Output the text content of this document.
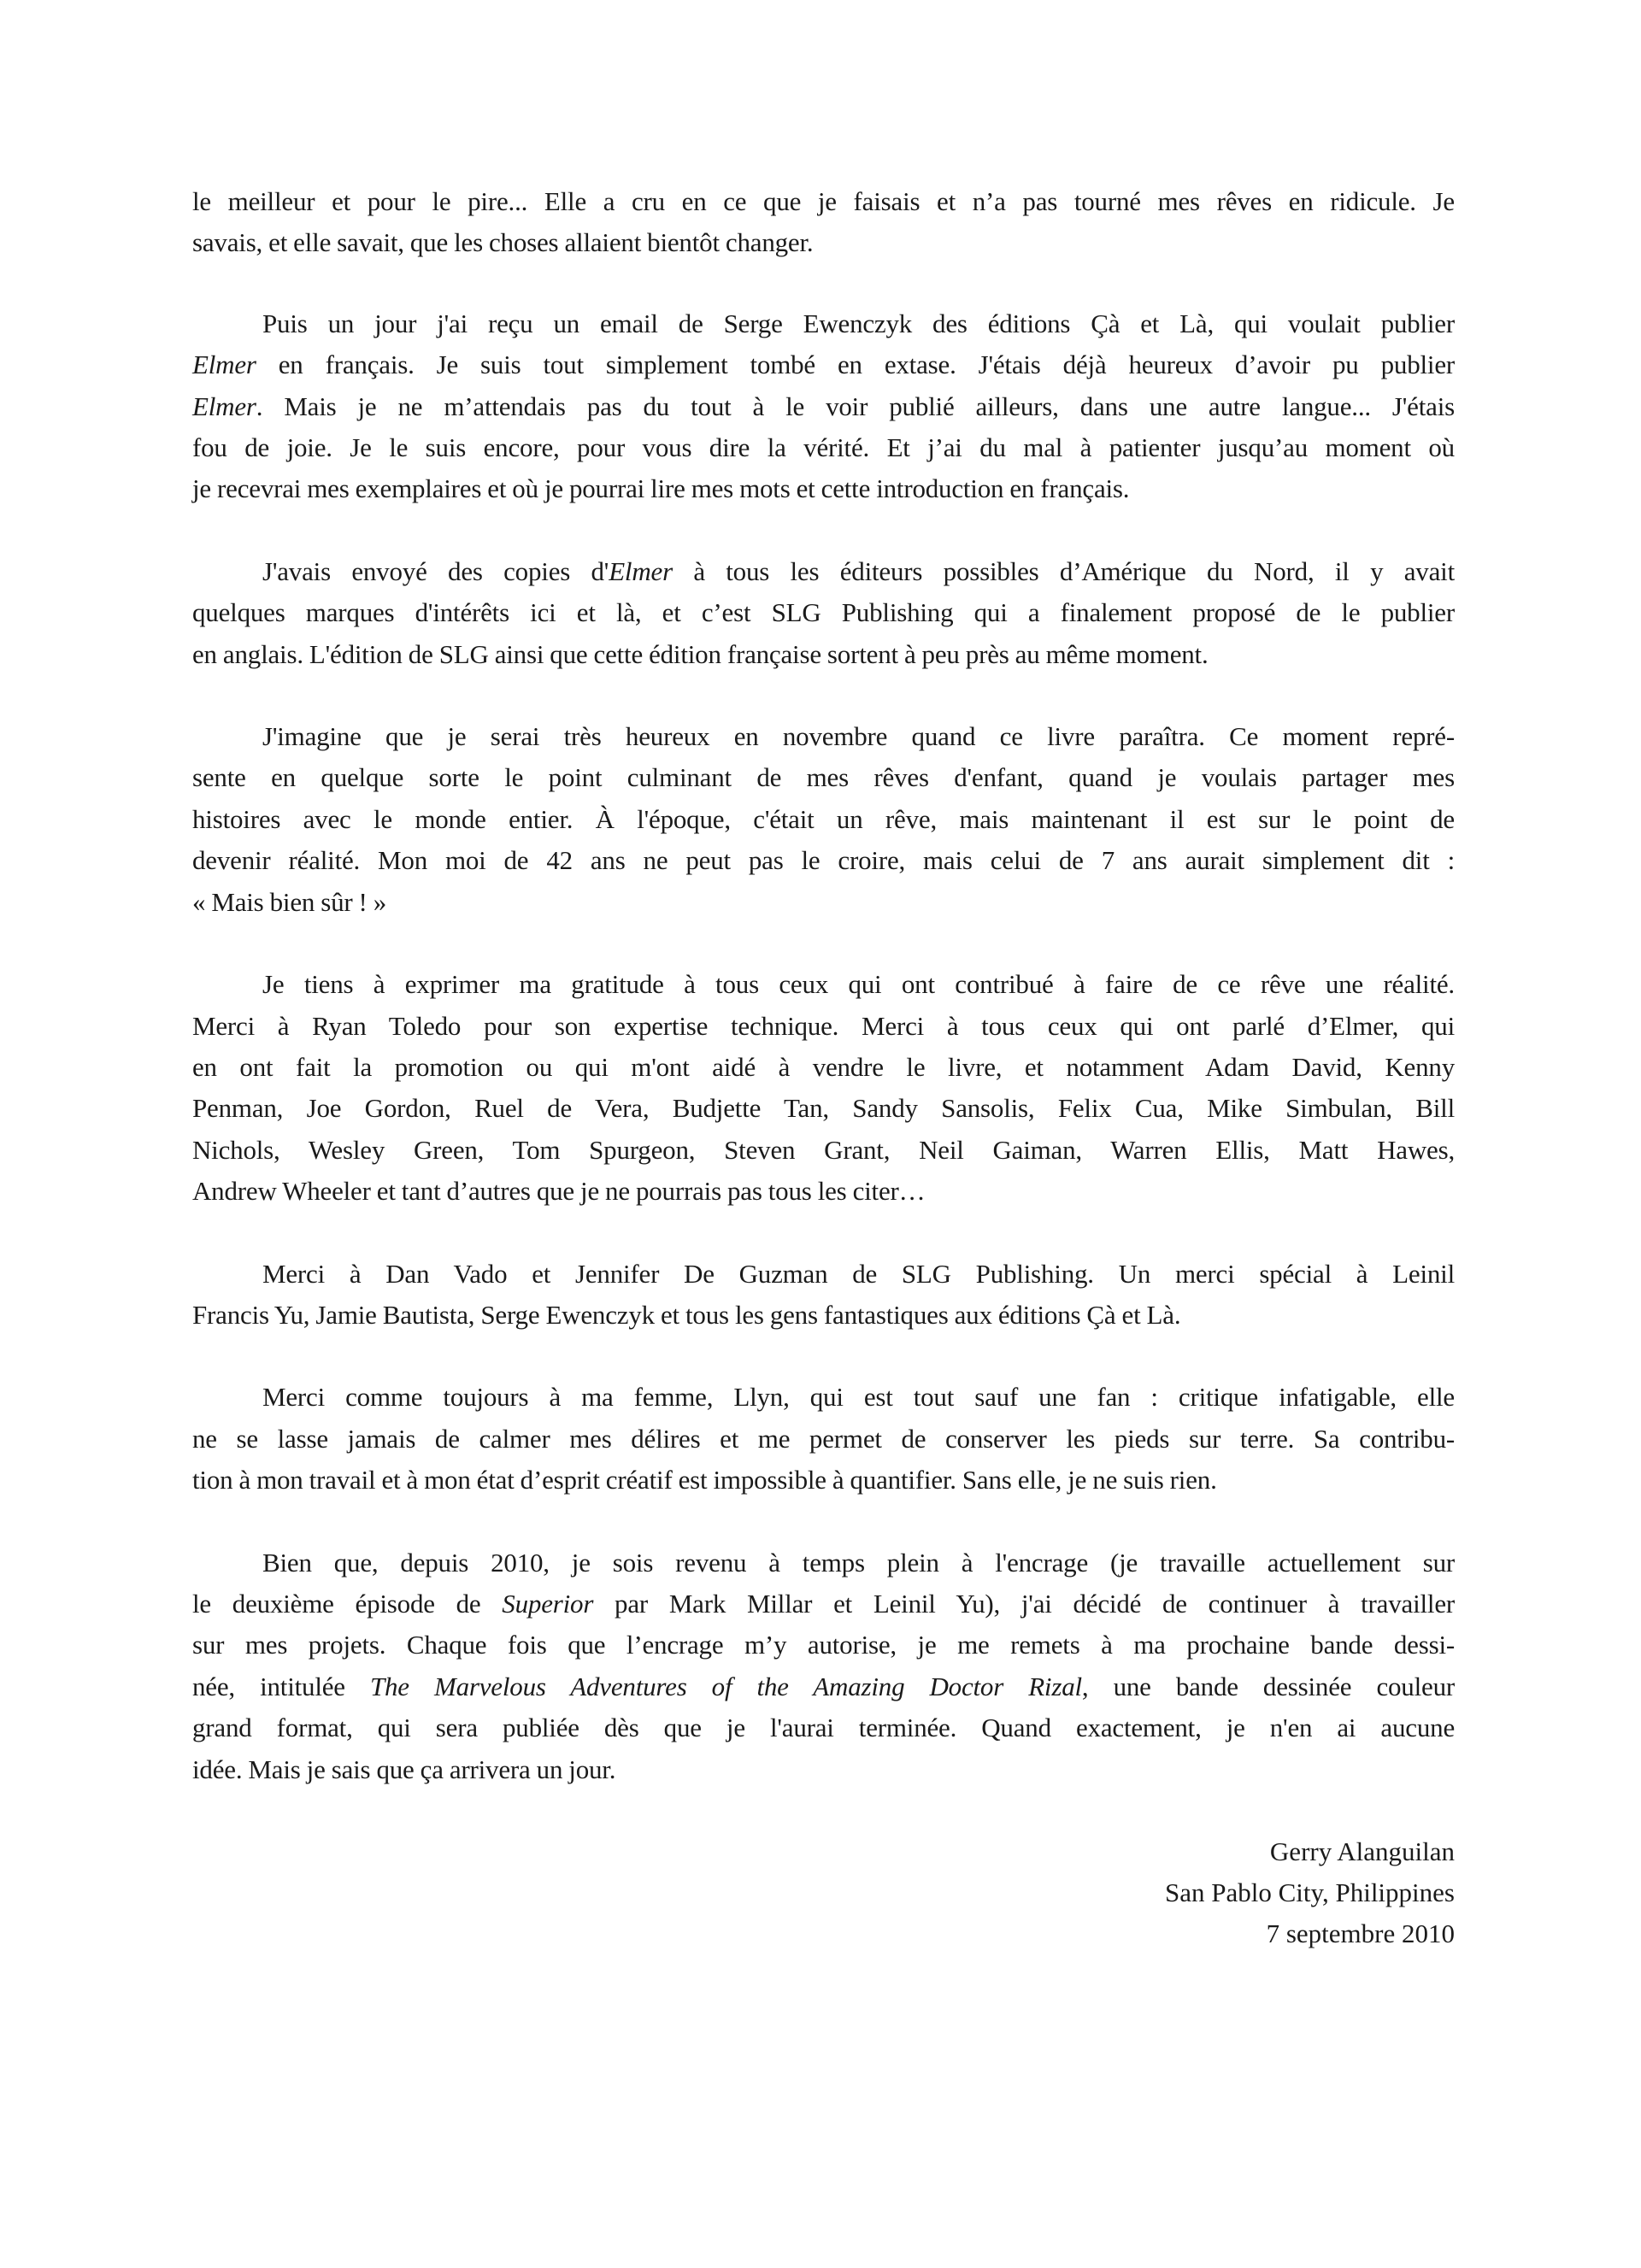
le meilleur et pour le pire... Elle a cru en ce que je faisais et n’a pas tourné mes rêves en ridicule. Je
savais, et elle savait, que les choses allaient bientôt changer.
Puis un jour j'ai reçu un email de Serge Ewenczyk des éditions Çà et Là, qui voulait publier
Elmer en français. Je suis tout simplement tombé en extase. J'étais déjà heureux d’avoir pu publier
Elmer. Mais je ne m’attendais pas du tout à le voir publié ailleurs, dans une autre langue... J'étais
fou de joie. Je le suis encore, pour vous dire la vérité. Et j’ai du mal à patienter jusqu’au moment où
je recevrai mes exemplaires et où je pourrai lire mes mots et cette introduction en français.
J'avais envoyé des copies d'Elmer à tous les éditeurs possibles d’Amérique du Nord, il y avait
quelques marques d'intérêts ici et là, et c’est SLG Publishing qui a finalement proposé de le publier
en anglais. L'édition de SLG ainsi que cette édition française sortent à peu près au même moment.
J'imagine que je serai très heureux en novembre quand ce livre paraîtra. Ce moment repré-
sente en quelque sorte le point culminant de mes rêves d'enfant, quand je voulais partager mes
histoires avec le monde entier. À l'époque, c'était un rêve, mais maintenant il est sur le point de
devenir réalité. Mon moi de 42 ans ne peut pas le croire, mais celui de 7 ans aurait simplement dit :
« Mais bien sûr ! »
Je tiens à exprimer ma gratitude à tous ceux qui ont contribué à faire de ce rêve une réalité.
Merci à Ryan Toledo pour son expertise technique. Merci à tous ceux qui ont parlé d’Elmer, qui
en ont fait la promotion ou qui m'ont aidé à vendre le livre, et notamment Adam David, Kenny
Penman, Joe Gordon, Ruel de Vera, Budjette Tan, Sandy Sansolis, Felix Cua, Mike Simbulan, Bill
Nichols, Wesley Green, Tom Spurgeon, Steven Grant, Neil Gaiman, Warren Ellis, Matt Hawes,
Andrew Wheeler et tant d’autres que je ne pourrais pas tous les citer…
Merci à Dan Vado et Jennifer De Guzman de SLG Publishing. Un merci spécial à Leinil
Francis Yu, Jamie Bautista, Serge Ewenczyk et tous les gens fantastiques aux éditions Çà et Là.
Merci comme toujours à ma femme, Llyn, qui est tout sauf une fan : critique infatigable, elle
ne se lasse jamais de calmer mes délires et me permet de conserver les pieds sur terre. Sa contribu-
tion à mon travail et à mon état d’esprit créatif est impossible à quantifier. Sans elle, je ne suis rien.
Bien que, depuis 2010, je sois revenu à temps plein à l'encrage (je travaille actuellement sur
le deuxième épisode de Superior par Mark Millar et Leinil Yu), j'ai décidé de continuer à travailler
sur mes projets. Chaque fois que l’encrage m’y autorise, je me remets à ma prochaine bande dessi-
née, intitulée The Marvelous Adventures of the Amazing Doctor Rizal, une bande dessinée couleur
grand format, qui sera publiée dès que je l'aurai terminée. Quand exactement, je n'en ai aucune
idée. Mais je sais que ça arrivera un jour.
Gerry Alanguilan
San Pablo City, Philippines
7 septembre 2010
